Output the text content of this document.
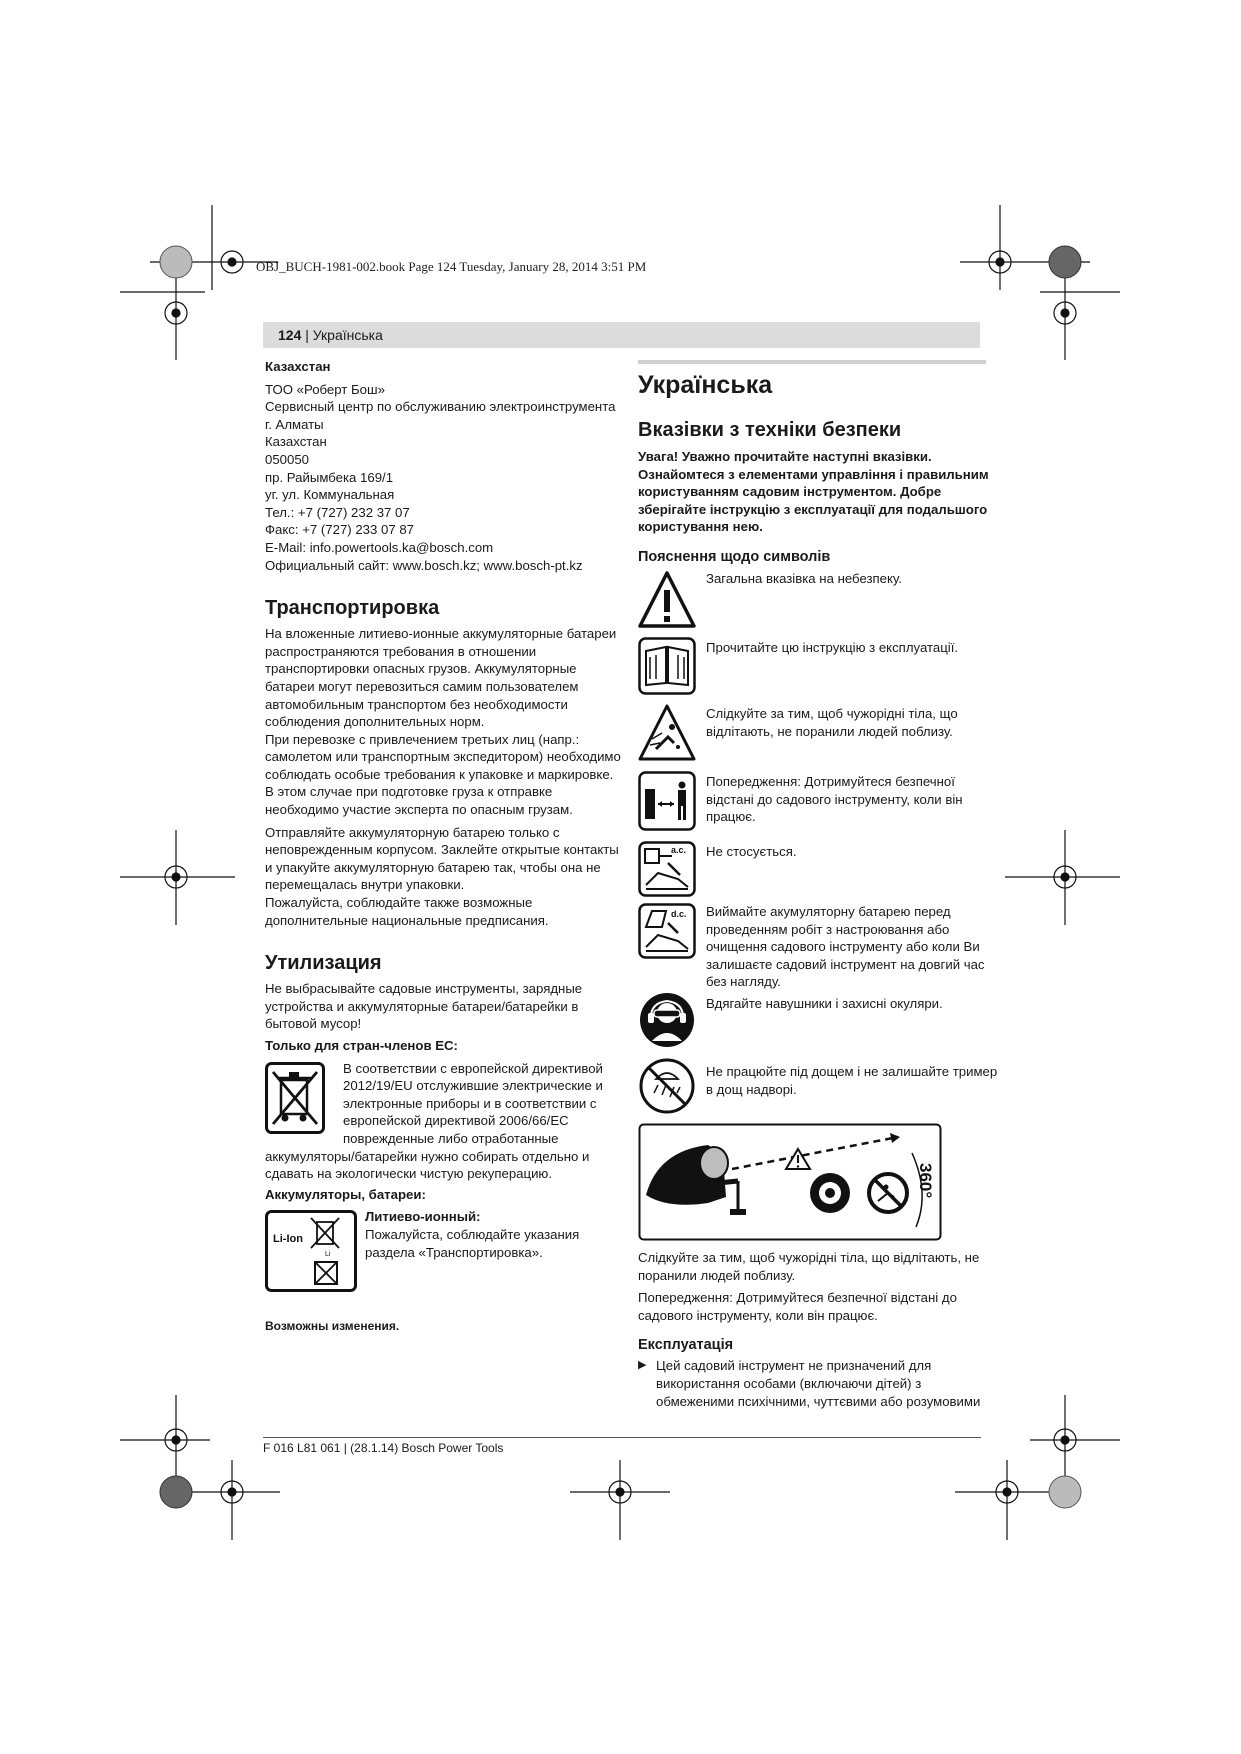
OBJ_BUCH-1981-002.book Page 124 Tuesday, January 28, 2014 3:51 PM
124 | Українська

Казахстан

ТОО «Роберт Бош»

Сервисный центр по обслуживанию электроинструмента

г. Алматы

Казахстан

050050

пр. Райымбека 169/1

уг. ул. Коммунальная

Тел.: +7 (727) 232 37 07

Факс: +7 (727) 233 07 87

E-Mail: info.powertools.ka@bosch.com

Официальный сайт: www.bosch.kz; www.bosch-pt.kz

Транспортировка

На вложенные литиево-ионные аккумуляторные батареи

распространяются требования в отношении

транспортировки опасных грузов. Аккумуляторные

батареи могут перевозиться самим пользователем

автомобильным транспортом без необходимости

соблюдения дополнительных норм.

При перевозке с привлечением третьих лиц (напр.:

самолетом или транспортным экспедитором) необходимо

соблюдать особые требования к упаковке и маркировке.

В этом случае при подготовке груза к отправке

необходимо участие эксперта по опасным грузам.

Отправляйте аккумуляторную батарею только с

неповрежденным корпусом. Заклейте открытые контакты

и упакуйте аккумуляторную батарею так, чтобы она не

перемещалась внутри упаковки.

Пожалуйста, соблюдайте также возможные

дополнительные национальные предписания.

Утилизация

Не выбрасывайте садовые инструменты, зарядные

устройства и аккумуляторные батареи/батарейки в

бытовой мусор!

Только для стран-членов ЕС:

В соответствии с европейской директивой

2012/19/EU отслужившие электрические и

электронные приборы и в соответствии с

европейской директивой 2006/66/EC

поврежденные либо отработанные

аккумуляторы/батарейки нужно собирать отдельно и

сдавать на экологически чистую рекуперацию.

Аккумуляторы, батареи:

Li-Ion
Li

Литиево-ионный:

Пожалуйста, соблюдайте указания

раздела «Транспортировка».

Возможны изменения.

Українська

Вказівки з техніки безпеки

Увага! Уважно прочитайте наступні вказівки.

Ознайомтеся з елементами управління і правильним

користуванням садовим інструментом. Добре

зберігайте інструкцію з експлуатації для подальшого

користування нею.

Пояснення щодо символів

Загальна вказівка на небезпеку.

Прочитайте цю інструкцію з експлуатації.

Слідкуйте за тим, щоб чужорідні тіла, що

відлітають, не поранили людей поблизу.

Попередження: Дотримуйтеся безпечної

відстані до садового інструменту, коли він

працює.

a.c. Не стосується.

d.c. Виймайте акумуляторну батарею перед

проведенням робіт з настроювання або

очищення садового інструменту або коли Ви

залишаєте садовий інструмент на довгий час

без нагляду.

Вдягайте навушники і захисні окуляри.

Не працюйте під дощем і не залишайте тример

в дощ надворі.

360°

Слідкуйте за тим, щоб чужорідні тіла, що відлітають, не

поранили людей поблизу.

Попередження: Дотримуйтеся безпечної відстані до

садового інструменту, коли він працює.

Експлуатація

▶ Цей садовий інструмент не призначений для

використання особами (включаючи дітей) з

обмеженими психічними, чуттєвими або розумовими

F 016 L81 061 | (28.1.14) Bosch Power Tools
